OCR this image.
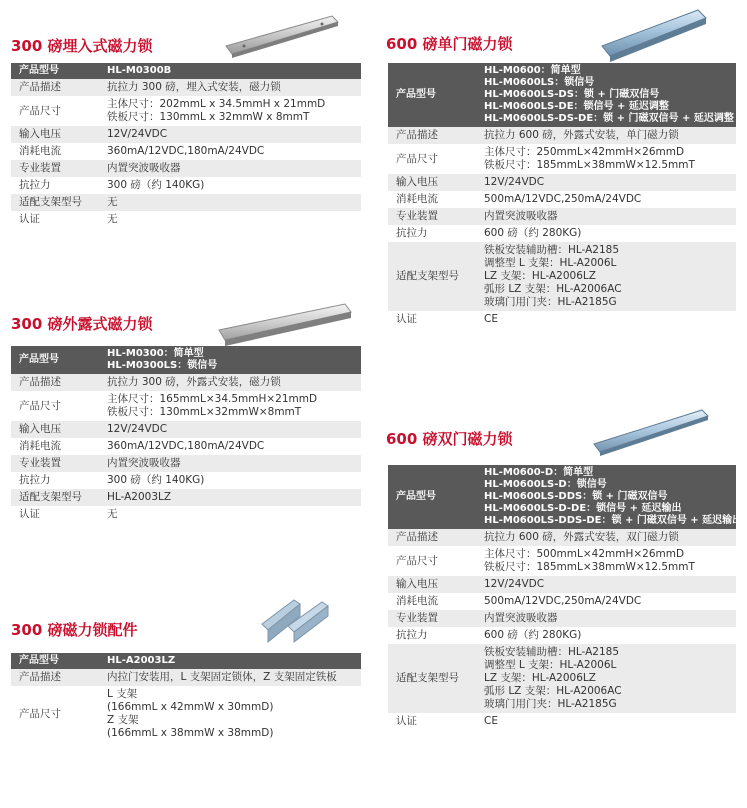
300 磅埋入式磁力锁
产品型号	HL-M0300B

产品描述	抗拉力 300 磅，埋入式安装，磁力锁

产品尺寸	主体尺寸：202mmL x 34.5mmH x 21mmD
铁板尺寸：130mmL x 32mmW x 8mmT

输入电压	12V/24VDC

消耗电流	360mA/12VDC,180mA/24VDC

专业装置	内置突波吸收器

抗拉力	300 磅（约 140KG)

适配支架型号	无

认证	无
300 磅外露式磁力锁
产品型号	HL-M0300：简单型
HL-M0300LS：锁信号

产品描述	抗拉力 300 磅，外露式安装，磁力锁

产品尺寸	主体尺寸：165mmL×34.5mmH×21mmD
铁板尺寸：130mmL×32mmW×8mmT

输入电压	12V/24VDC

消耗电流	360mA/12VDC,180mA/24VDC

专业装置	内置突波吸收器

抗拉力	300 磅（约 140KG)

适配支架型号	HL-A2003LZ

认证	无
300 磅磁力锁配件
产品型号	HL-A2003LZ

产品描述	内拉门安装用，L 支架固定锁体，Z 支架固定铁板

产品尺寸	L 支架
(166mmL x 42mmW x 30mmD)
Z 支架
(166mmL x 38mmW x 38mmD)
600 磅单门磁力锁
产品型号	HL-M0600：简单型
HL-M0600LS：锁信号
HL-M0600LS-DS：锁 + 门磁双信号
HL-M0600LS-DE：锁信号 + 延迟调整
HL-M0600LS-DS-DE：锁 + 门磁双信号 + 延迟调整

产品描述	抗拉力 600 磅，外露式安装，单门磁力锁

产品尺寸	主体尺寸：250mmL×42mmH×26mmD
铁板尺寸：185mmL×38mmW×12.5mmT

输入电压	12V/24VDC

消耗电流	500mA/12VDC,250mA/24VDC

专业装置	内置突波吸收器

抗拉力	600 磅（约 280KG)

适配支架型号	铁板安装辅助槽：HL-A2185
调整型 L 支架：HL-A2006L
LZ 支架：HL-A2006LZ
弧形 LZ 支架：HL-A2006AC
玻璃门用门夹：HL-A2185G

认证	CE
600 磅双门磁力锁
产品型号	HL-M0600-D：简单型
HL-M0600LS-D：锁信号
HL-M0600LS-DDS：锁 + 门磁双信号
HL-M0600LS-D-DE：锁信号 + 延迟输出
HL-M0600LS-DDS-DE：锁 + 门磁双信号 + 延迟输出

产品描述	抗拉力 600 磅，外露式安装，双门磁力锁

产品尺寸	主体尺寸：500mmL×42mmH×26mmD
铁板尺寸：185mmL×38mmW×12.5mmT

输入电压	12V/24VDC

消耗电流	500mA/12VDC,250mA/24VDC

专业装置	内置突波吸收器

抗拉力	600 磅（约 280KG)

适配支架型号	铁板安装辅助槽：HL-A2185
调整型 L 支架：HL-A2006L
LZ 支架：HL-A2006LZ
弧形 LZ 支架：HL-A2006AC
玻璃门用门夹：HL-A2185G

认证	CE
